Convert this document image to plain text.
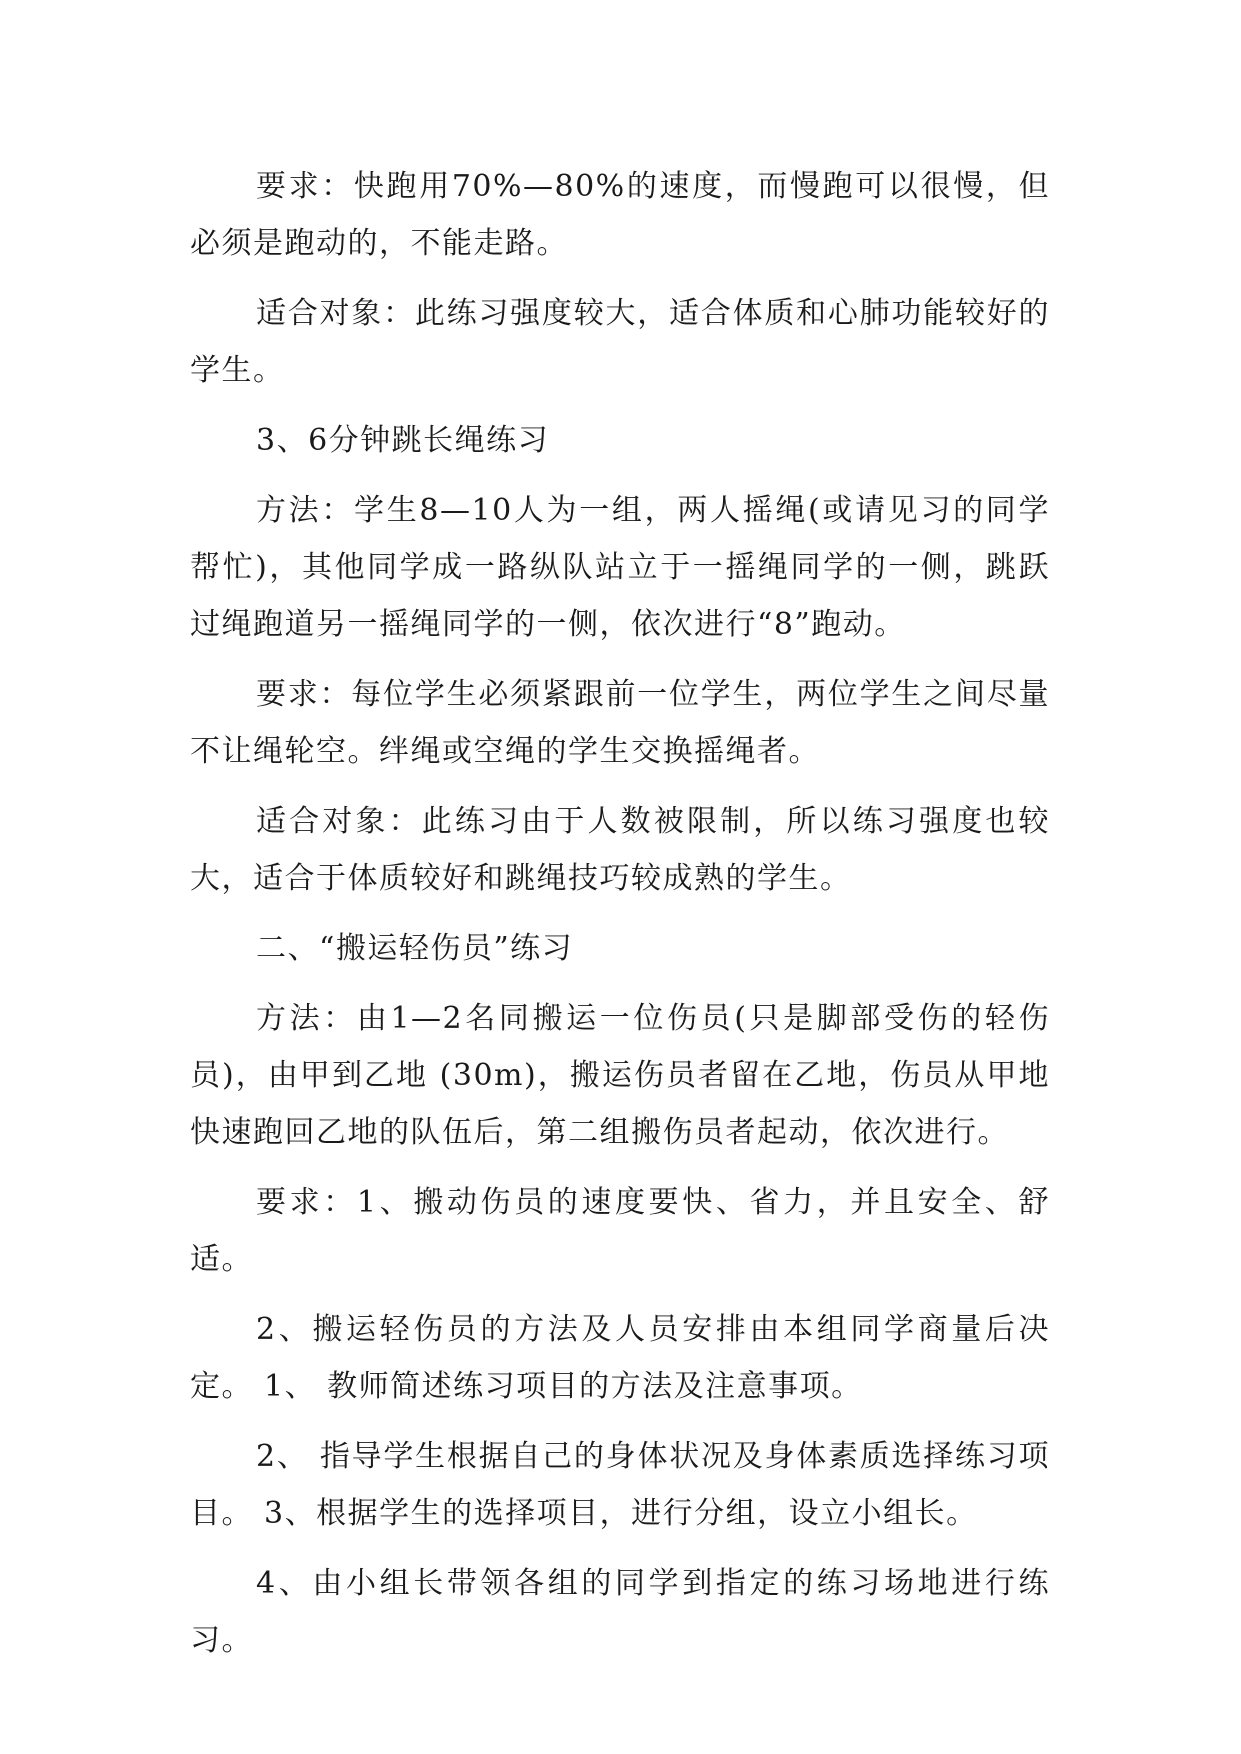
要求：快跑用70%—80%的速度，而慢跑可以很慢，但必须是跑动的，不能走路。

适合对象：此练习强度较大，适合体质和心肺功能较好的学生。

3、6分钟跳长绳练习

方法：学生8—10人为一组，两人摇绳(或请见习的同学帮忙)，其他同学成一路纵队站立于一摇绳同学的一侧，跳跃过绳跑道另一摇绳同学的一侧，依次进行“8”跑动。

要求：每位学生必须紧跟前一位学生，两位学生之间尽量不让绳轮空。绊绳或空绳的学生交换摇绳者。

适合对象：此练习由于人数被限制，所以练习强度也较大，适合于体质较好和跳绳技巧较成熟的学生。

二、“搬运轻伤员”练习

方法：由1—2名同搬运一位伤员(只是脚部受伤的轻伤员)，由甲到乙地 (30m)，搬运伤员者留在乙地，伤员从甲地快速跑回乙地的队伍后，第二组搬伤员者起动，依次进行。

要求：1、搬动伤员的速度要快、省力，并且安全、舒适。

2、搬运轻伤员的方法及人员安排由本组同学商量后决定。 1、 教师简述练习项目的方法及注意事项。

2、 指导学生根据自己的身体状况及身体素质选择练习项目。 3、根据学生的选择项目，进行分组，设立小组长。

4、由小组长带领各组的同学到指定的练习场地进行练习。
